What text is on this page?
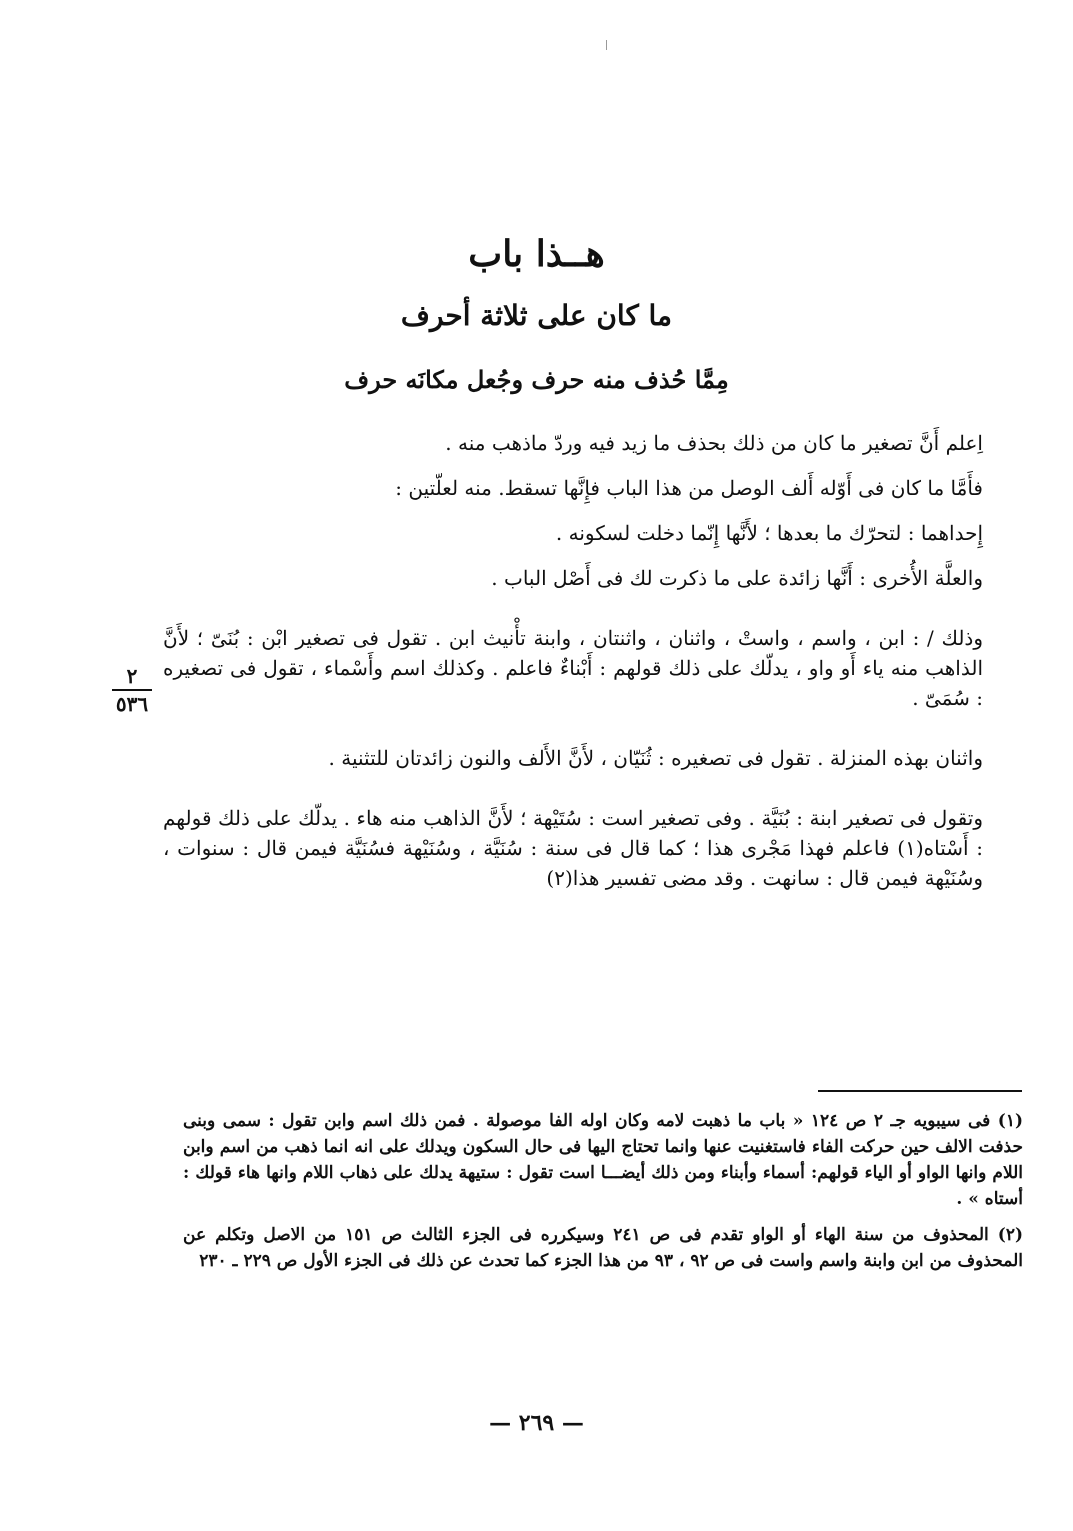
هــذا باب
ما كان على ثلاثة أحرف
مِمَّا حُذف منه حرف وجُعل مكانَه حرف

اِعلم أَنَّ تصغير ما كان من ذلك بحذف ما زيد فيه وردّ ماذهب منه .

فأَمَّا ما كان فى أَوّله أَلف الوصل من هذا الباب فإِنَّها تسقط. منه لعلّتين :

إِحداهما : لتحرّك ما بعدها ؛ لأَنَّها إِنّما دخلت لسكونه .

والعلَّة الأُخرى : أَنَّها زائدة على ما ذكرت لك فى أَصْل الباب .

وذلك / : ابن ، واسم ، واستْ ، واثنان ، واثنتان ، وابنة تأْنيث ابن . تقول فى تصغير ابْن : بُنَىّ ؛ لأَنَّ الذاهب منه ياء أَو واو ، يدلّك على ذلك قولهم : أَبْناءٌ فاعلم . وكذلك اسم وأَسْماء ، تقول فى تصغيره : سُمَىّ .

واثنان بهذه المنزلة . تقول فى تصغيره : ثُنَيّان ، لأَنَّ الأَلف والنون زائدتان للتثنية .

وتقول فى تصغير ابنة : بُنَيَّة . وفى تصغير است : سُتَيْهة ؛ لأَنَّ الذاهب منه هاء . يدلّك على ذلك قولهم : أَسْتاه(١) فاعلم فهذا مَجْرى هذا ؛ كما قال فى سنة : سُنَيَّة ، وسُنَيْهة فسُنَيَّة فيمن قال : سنوات ، وسُنَيْهة فيمن قال : سانهت . وقد مضى تفسير هذا(٢)

٢
٥٣٦

(١) فى سيبويه جـ ٢ ص ١٢٤ « باب ما ذهبت لامه وكان اوله الفا موصولة . فمن ذلك اسم وابن تقول : سمى وبنى حذفت الالف حين حركت الفاء فاستغنيت عنها وانما تحتاج اليها فى حال السكون ويدلك على انه انما ذهب من اسم وابن اللام وانها الواو أو الياء قولهم: أسماء وأبناء ومن ذلك أيضـــا است تقول : ستيهة يدلك على ذهاب اللام وانها هاء قولك : أستاه » .

(٢) المحذوف من سنة الهاء أو الواو تقدم فى ص ٢٤١ وسيكرره فى الجزء الثالث ص ١٥١ من الاصل وتكلم عن المحذوف من ابن وابنة واسم واست فى ص ٩٢ ، ٩٣ من هذا الجزء كما تحدث عن ذلك فى الجزء الأول ص ٢٢٩ ـ ٢٣٠

— ٢٦٩ —
